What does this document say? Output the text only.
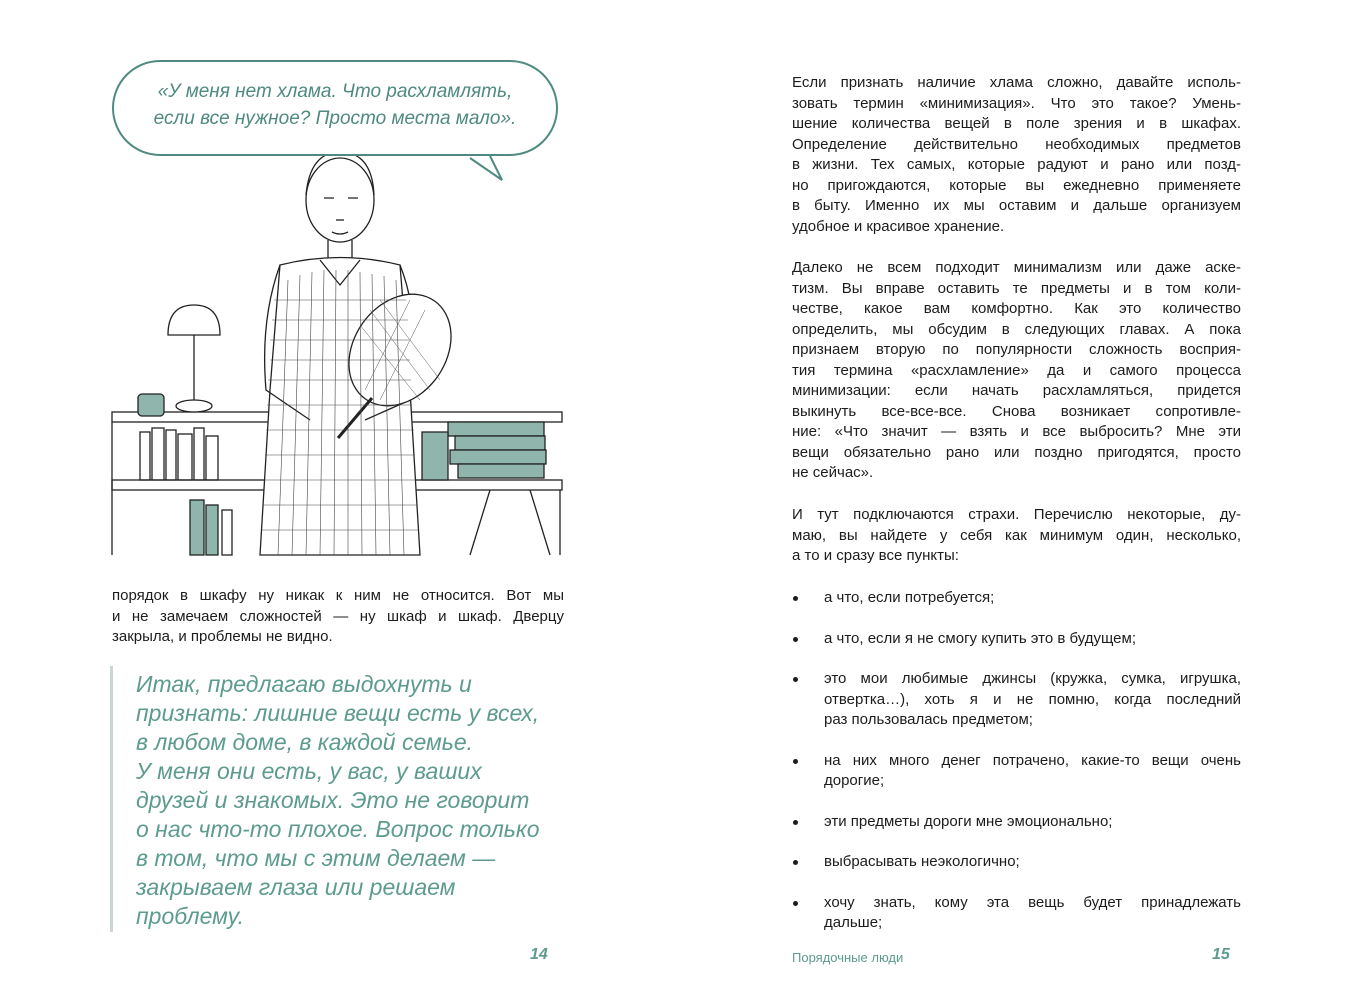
«У меня нет хлама. Что расхламлять,
если все нужное? Просто места мало».
порядок в шкафу ну никак к ним не относится. Вот мы
и не замечаем сложностей — ну шкаф и шкаф. Дверцу
закрыла, и проблемы не видно.
Итак, предлагаю выдохнуть и
признать: лишние вещи есть у всех,
в любом доме, в каждой семье.
У меня они есть, у вас, у ваших
друзей и знакомых. Это не говорит
о нас что-то плохое. Вопрос только
в том, что мы с этим делаем —
закрываем глаза или решаем
проблему.
14
Если признать наличие хлама сложно, давайте исполь-
зовать термин «минимизация». Что это такое? Умень-
шение количества вещей в поле зрения и в шкафах.
Определение действительно необходимых предметов
в жизни. Тех самых, которые радуют и рано или позд-
но пригождаются, которые вы ежедневно применяете
в быту. Именно их мы оставим и дальше организуем
удобное и красивое хранение.
Далеко не всем подходит минимализм или даже аске-
тизм. Вы вправе оставить те предметы и в том коли-
честве, какое вам комфортно. Как это количество
определить, мы обсудим в следующих главах. А пока
признаем вторую по популярности сложность восприя-
тия термина «расхламление» да и самого процесса
минимизации: если начать расхламляться, придется
выкинуть все-все-все. Снова возникает сопротивле-
ние: «Что значит — взять и все выбросить? Мне эти
вещи обязательно рано или поздно пригодятся, просто
не сейчас».
И тут подключаются страхи. Перечислю некоторые, ду-
маю, вы найдете у себя как минимум один, несколько,
а то и сразу все пункты:
а что, если потребуется;
а что, если я не смогу купить это в будущем;
это мои любимые джинсы (кружка, сумка, игрушка,
отвертка…), хоть я и не помню, когда последний
раз пользовалась предметом;
на них много денег потрачено, какие-то вещи очень
дорогие;
эти предметы дороги мне эмоционально;
выбрасывать неэкологично;
хочу знать, кому эта вещь будет принадлежать
дальше;
Порядочные люди	15
